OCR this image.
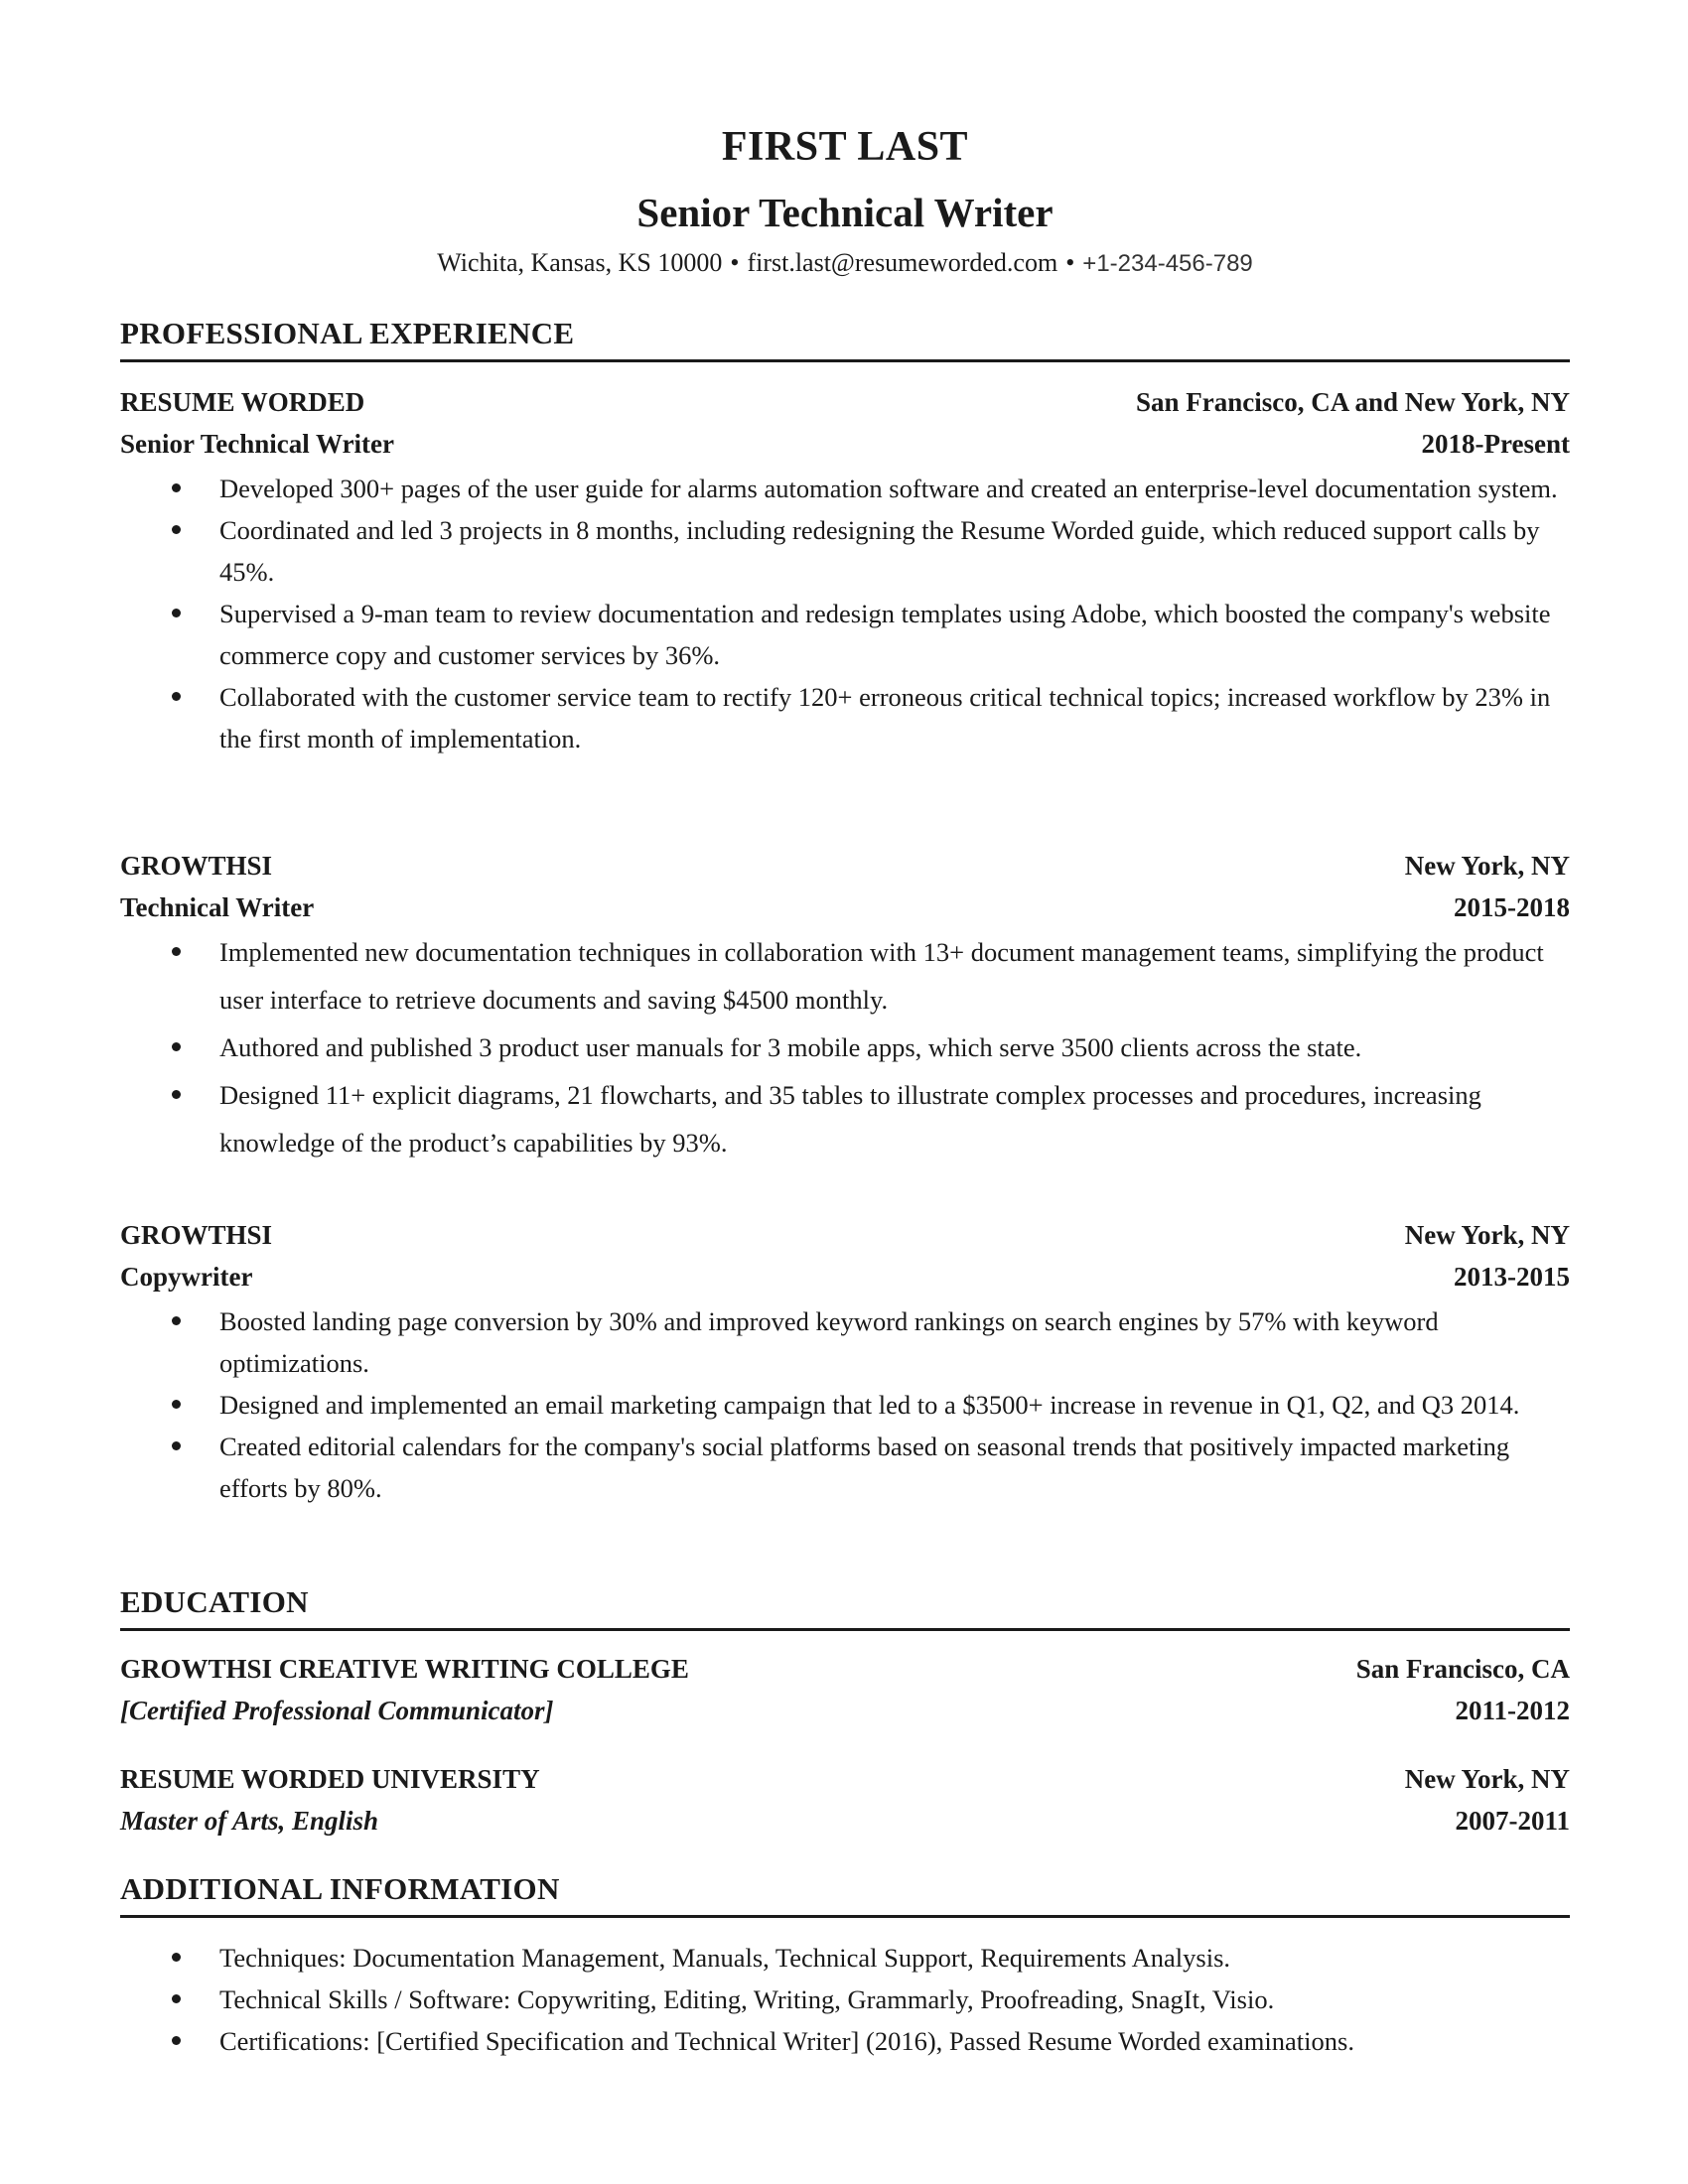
FIRST LAST
Senior Technical Writer
Wichita, Kansas, KS 10000 • first.last@resumeworded.com • +1-234-456-789
PROFESSIONAL EXPERIENCE
RESUME WORDED	San Francisco, CA and New York, NY
Senior Technical Writer	2018-Present
Developed 300+ pages of the user guide for alarms automation software and created an enterprise-level documentation system.
Coordinated and led 3 projects in 8 months, including redesigning the Resume Worded guide, which reduced support calls by 45%.
Supervised a 9-man team to review documentation and redesign templates using Adobe, which boosted the company's website commerce copy and customer services by 36%.
Collaborated with the customer service team to rectify 120+ erroneous critical technical topics; increased workflow by 23% in the first month of implementation.
GROWTHSI	New York, NY
Technical Writer	2015-2018
Implemented new documentation techniques in collaboration with 13+ document management teams, simplifying the product user interface to retrieve documents and saving $4500 monthly.
Authored and published 3 product user manuals for 3 mobile apps, which serve 3500 clients across the state.
Designed 11+ explicit diagrams, 21 flowcharts, and 35 tables to illustrate complex processes and procedures, increasing knowledge of the product’s capabilities by 93%.
GROWTHSI	New York, NY
Copywriter	2013-2015
Boosted landing page conversion by 30% and improved keyword rankings on search engines by 57% with keyword optimizations.
Designed and implemented an email marketing campaign that led to a $3500+ increase in revenue in Q1, Q2, and Q3 2014.
Created editorial calendars for the company's social platforms based on seasonal trends that positively impacted marketing efforts by 80%.
EDUCATION
GROWTHSI CREATIVE WRITING COLLEGE	San Francisco, CA
[Certified Professional Communicator]	2011-2012
RESUME WORDED UNIVERSITY	New York, NY
Master of Arts, English	2007-2011
ADDITIONAL INFORMATION
Techniques: Documentation Management, Manuals, Technical Support, Requirements Analysis.
Technical Skills / Software: Copywriting, Editing, Writing, Grammarly, Proofreading, SnagIt, Visio.
Certifications: [Certified Specification and Technical Writer] (2016), Passed Resume Worded examinations.
